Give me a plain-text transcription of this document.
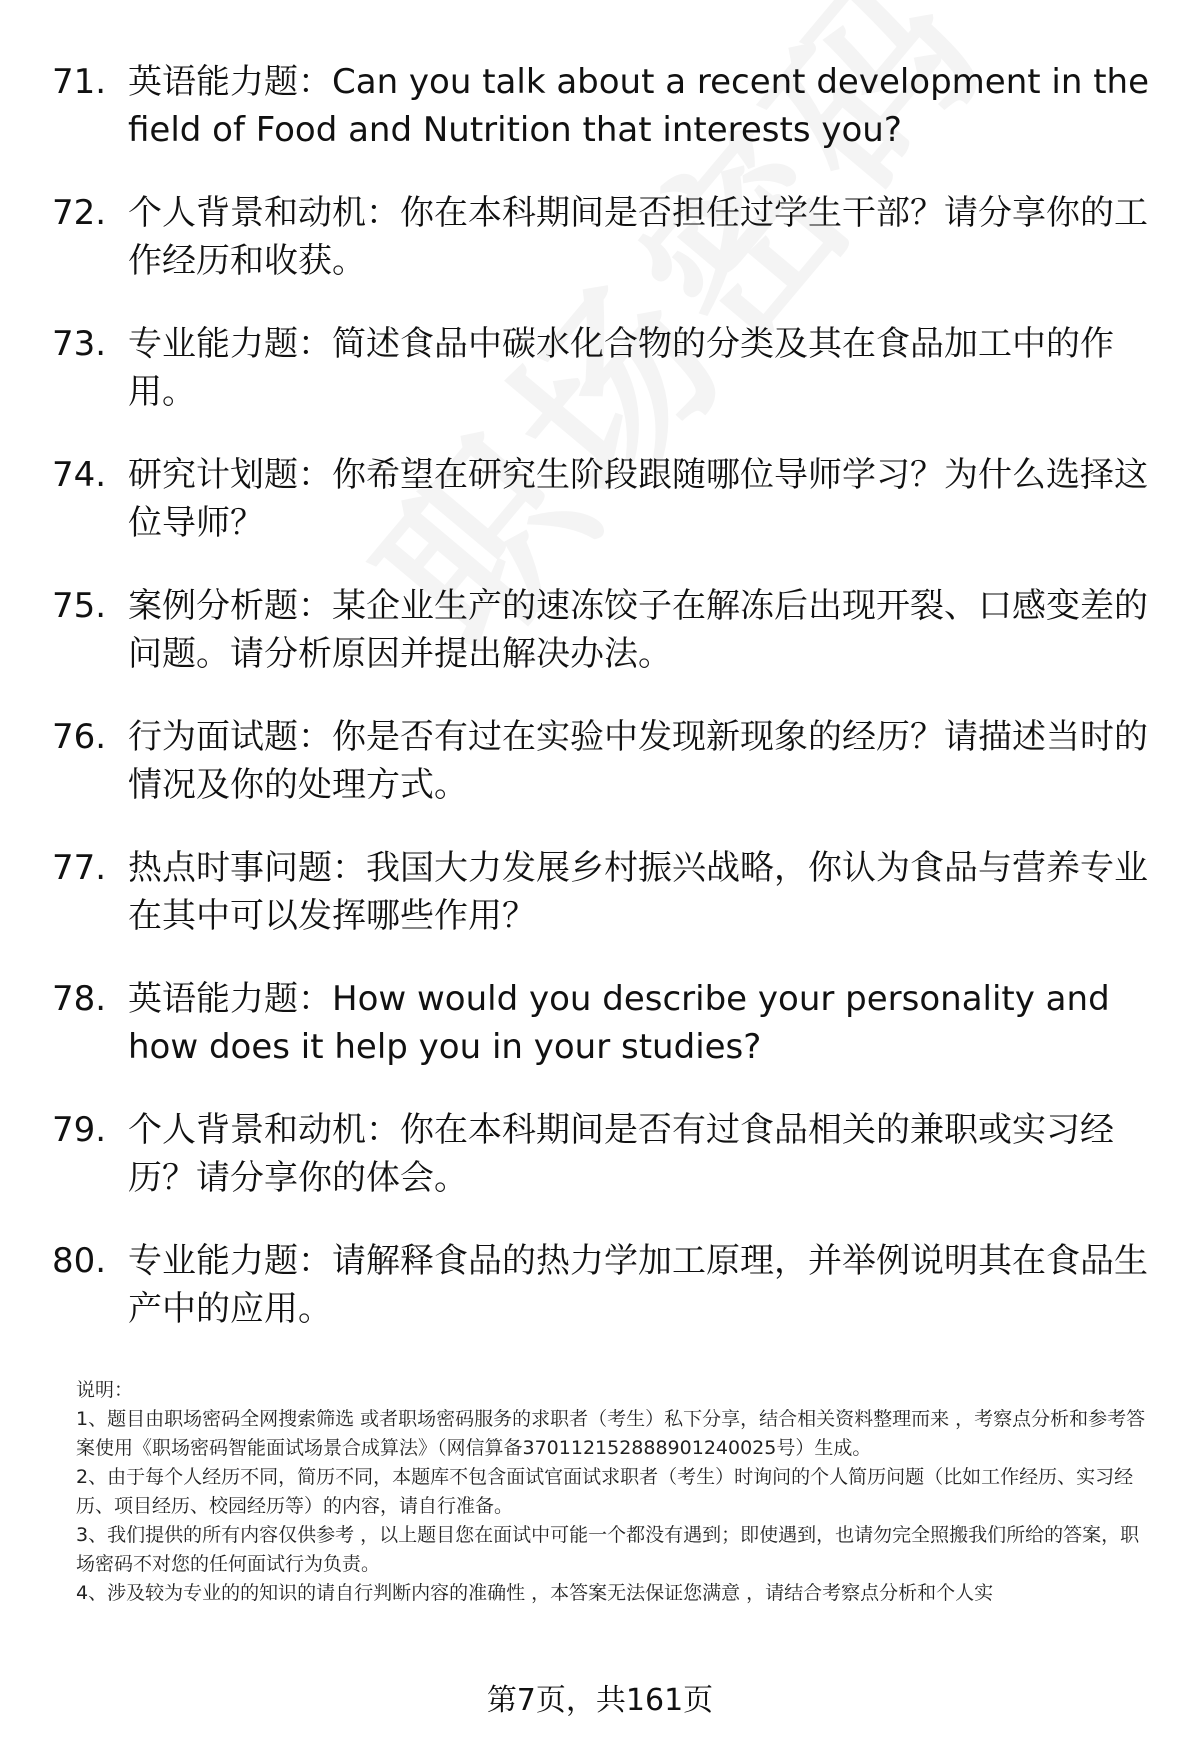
71. 英语能力题：Can you talk about a recent development in the field of Food and Nutrition that interests you?
72. 个人背景和动机：你在本科期间是否担任过学生干部？请分享你的工作经历和收获。
73. 专业能力题：简述食品中碳水化合物的分类及其在食品加工中的作用。
74. 研究计划题：你希望在研究生阶段跟随哪位导师学习？为什么选择这位导师？
75. 案例分析题：某企业生产的速冻饺子在解冻后出现开裂、口感变差的问题。请分析原因并提出解决办法。
76. 行为面试题：你是否有过在实验中发现新现象的经历？请描述当时的情况及你的处理方式。
77. 热点时事问题：我国大力发展乡村振兴战略，你认为食品与营养专业在其中可以发挥哪些作用？
78. 英语能力题：How would you describe your personality and how does it help you in your studies?
79. 个人背景和动机：你在本科期间是否有过食品相关的兼职或实习经历？请分享你的体会。
80. 专业能力题：请解释食品的热力学加工原理，并举例说明其在食品生产中的应用。

说明：

1、题目由职场密码全网搜索筛选 或者职场密码服务的求职者（考生）私下分享，结合相关资料整理而来 ，考察点分析和参考答案使用《职场密码智能面试场景合成算法》（网信算备370112152888901240025号）生成。

2、由于每个人经历不同，简历不同，本题库不包含面试官面试求职者（考生）时询问的个人简历问题（比如工作经历、实习经历、项目经历、校园经历等）的内容，请自行准备。

3、我们提供的所有内容仅供参考 ，以上题目您在面试中可能一个都没有遇到；即使遇到，也请勿完全照搬我们所给的答案，职场密码不对您的任何面试行为负责。

4、涉及较为专业的的知识的请自行判断内容的准确性 ，本答案无法保证您满意 ，请结合考察点分析和个人实

第7页，共161页
